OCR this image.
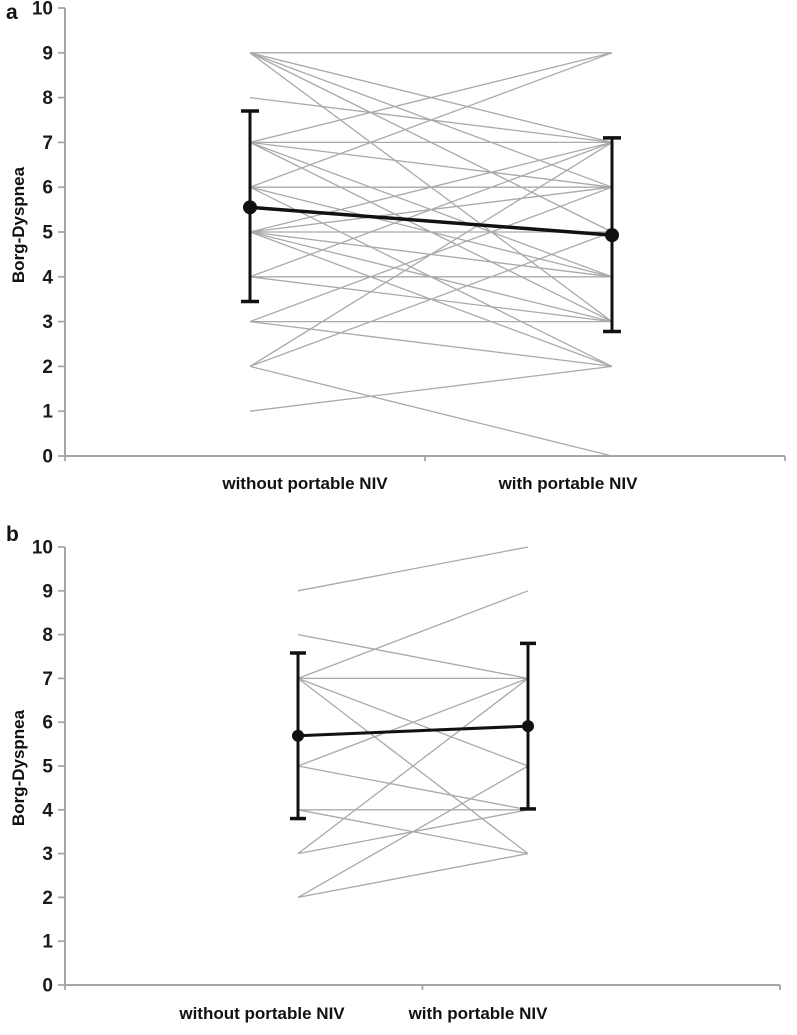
a
b
Borg-Dyspnea
Borg-Dyspnea
0
1
2
3
4
5
6
7
8
9
10
0
1
2
3
4
5
6
7
8
9
10
without portable NIV	with portable NIV
without portable NIV	with portable NIV
